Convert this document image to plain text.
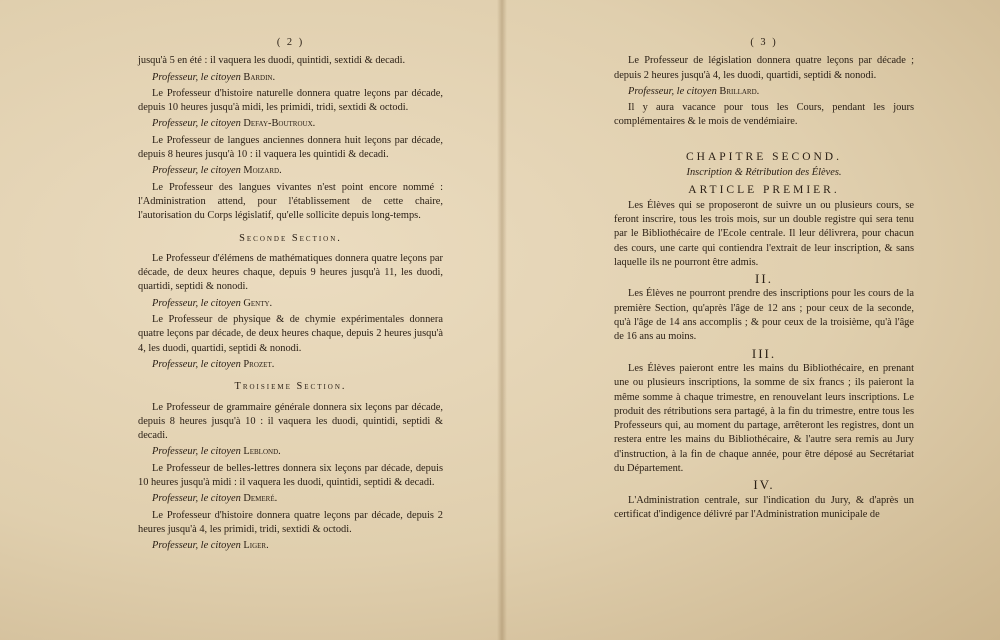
( 2 )

jusqu'à 5 en été : il vaquera les duodi, quintidi, sextidi & decadi.

Professeur, le citoyen Bardin.

Le Professeur d'histoire naturelle donnera quatre leçons par décade, depuis 10 heures jusqu'à midi, les primidi, tridi, sextidi & octodi.

Professeur, le citoyen Defay-Boutroux.

Le Professeur de langues anciennes donnera huit leçons par décade, depuis 8 heures jusqu'à 10 : il vaquera les quintidi & decadi.

Professeur, le citoyen Moizard.

Le Professeur des langues vivantes n'est point encore nommé : l'Administration attend, pour l'établissement de cette chaire, l'autorisation du Corps législatif, qu'elle sollicite depuis long-temps.

Seconde Section.

Le Professeur d'élémens de mathématiques donnera quatre leçons par décade, de deux heures chaque, depuis 9 heures jusqu'à 11, les duodi, quartidi, septidi & nonodi.

Professeur, le citoyen Genty.

Le Professeur de physique & de chymie expérimentales donnera quatre leçons par décade, de deux heures chaque, depuis 2 heures jusqu'à 4, les duodi, quartidi, septidi & nonodi.

Professeur, le citoyen Prozet.

Troisieme Section.

Le Professeur de grammaire générale donnera six leçons par décade, depuis 8 heures jusqu'à 10 : il vaquera les duodi, quintidi, septidi & decadi.

Professeur, le citoyen Leblond.

Le Professeur de belles-lettres donnera six leçons par décade, depuis 10 heures jusqu'à midi : il vaquera les duodi, quintidi, septidi & decadi.

Professeur, le citoyen Demeré.

Le Professeur d'histoire donnera quatre leçons par décade, depuis 2 heures jusqu'à 4, les primidi, tridi, sextidi & octodi.

Professeur, le citoyen Liger.

( 3 )

Le Professeur de législation donnera quatre leçons par décade ; depuis 2 heures jusqu'à 4, les duodi, quartidi, septidi & nonodi.

Professeur, le citoyen Brillard.

Il y aura vacance pour tous les Cours, pendant les jours complémentaires & le mois de vendémiaire.

CHAPITRE SECOND.
Inscription & Rétribution des Élèves.
ARTICLE PREMIER.

Les Élèves qui se proposeront de suivre un ou plusieurs cours, se feront inscrire, tous les trois mois, sur un double registre qui sera tenu par le Bibliothécaire de l'Ecole centrale. Il leur délivrera, pour chacun des cours, une carte qui contiendra l'extrait de leur inscription, & sans laquelle ils ne pourront être admis.

II.

Les Élèves ne pourront prendre des inscriptions pour les cours de la première Section, qu'après l'âge de 12 ans ; pour ceux de la seconde, qu'à l'âge de 14 ans accomplis ; & pour ceux de la troisième, qu'à l'âge de 16 ans au moins.

III.

Les Élèves paieront entre les mains du Bibliothécaire, en prenant une ou plusieurs inscriptions, la somme de six francs ; ils paieront la même somme à chaque trimestre, en renouvelant leurs inscriptions. Le produit des rétributions sera partagé, à la fin du trimestre, entre tous les Professeurs qui, au moment du partage, arrêteront les registres, dont un restera entre les mains du Bibliothécaire, & l'autre sera remis au Jury d'instruction, à la fin de chaque année, pour être déposé au Secrétariat du Département.

IV.

L'Administration centrale, sur l'indication du Jury, & d'après un certificat d'indigence délivré par l'Administration municipale de
